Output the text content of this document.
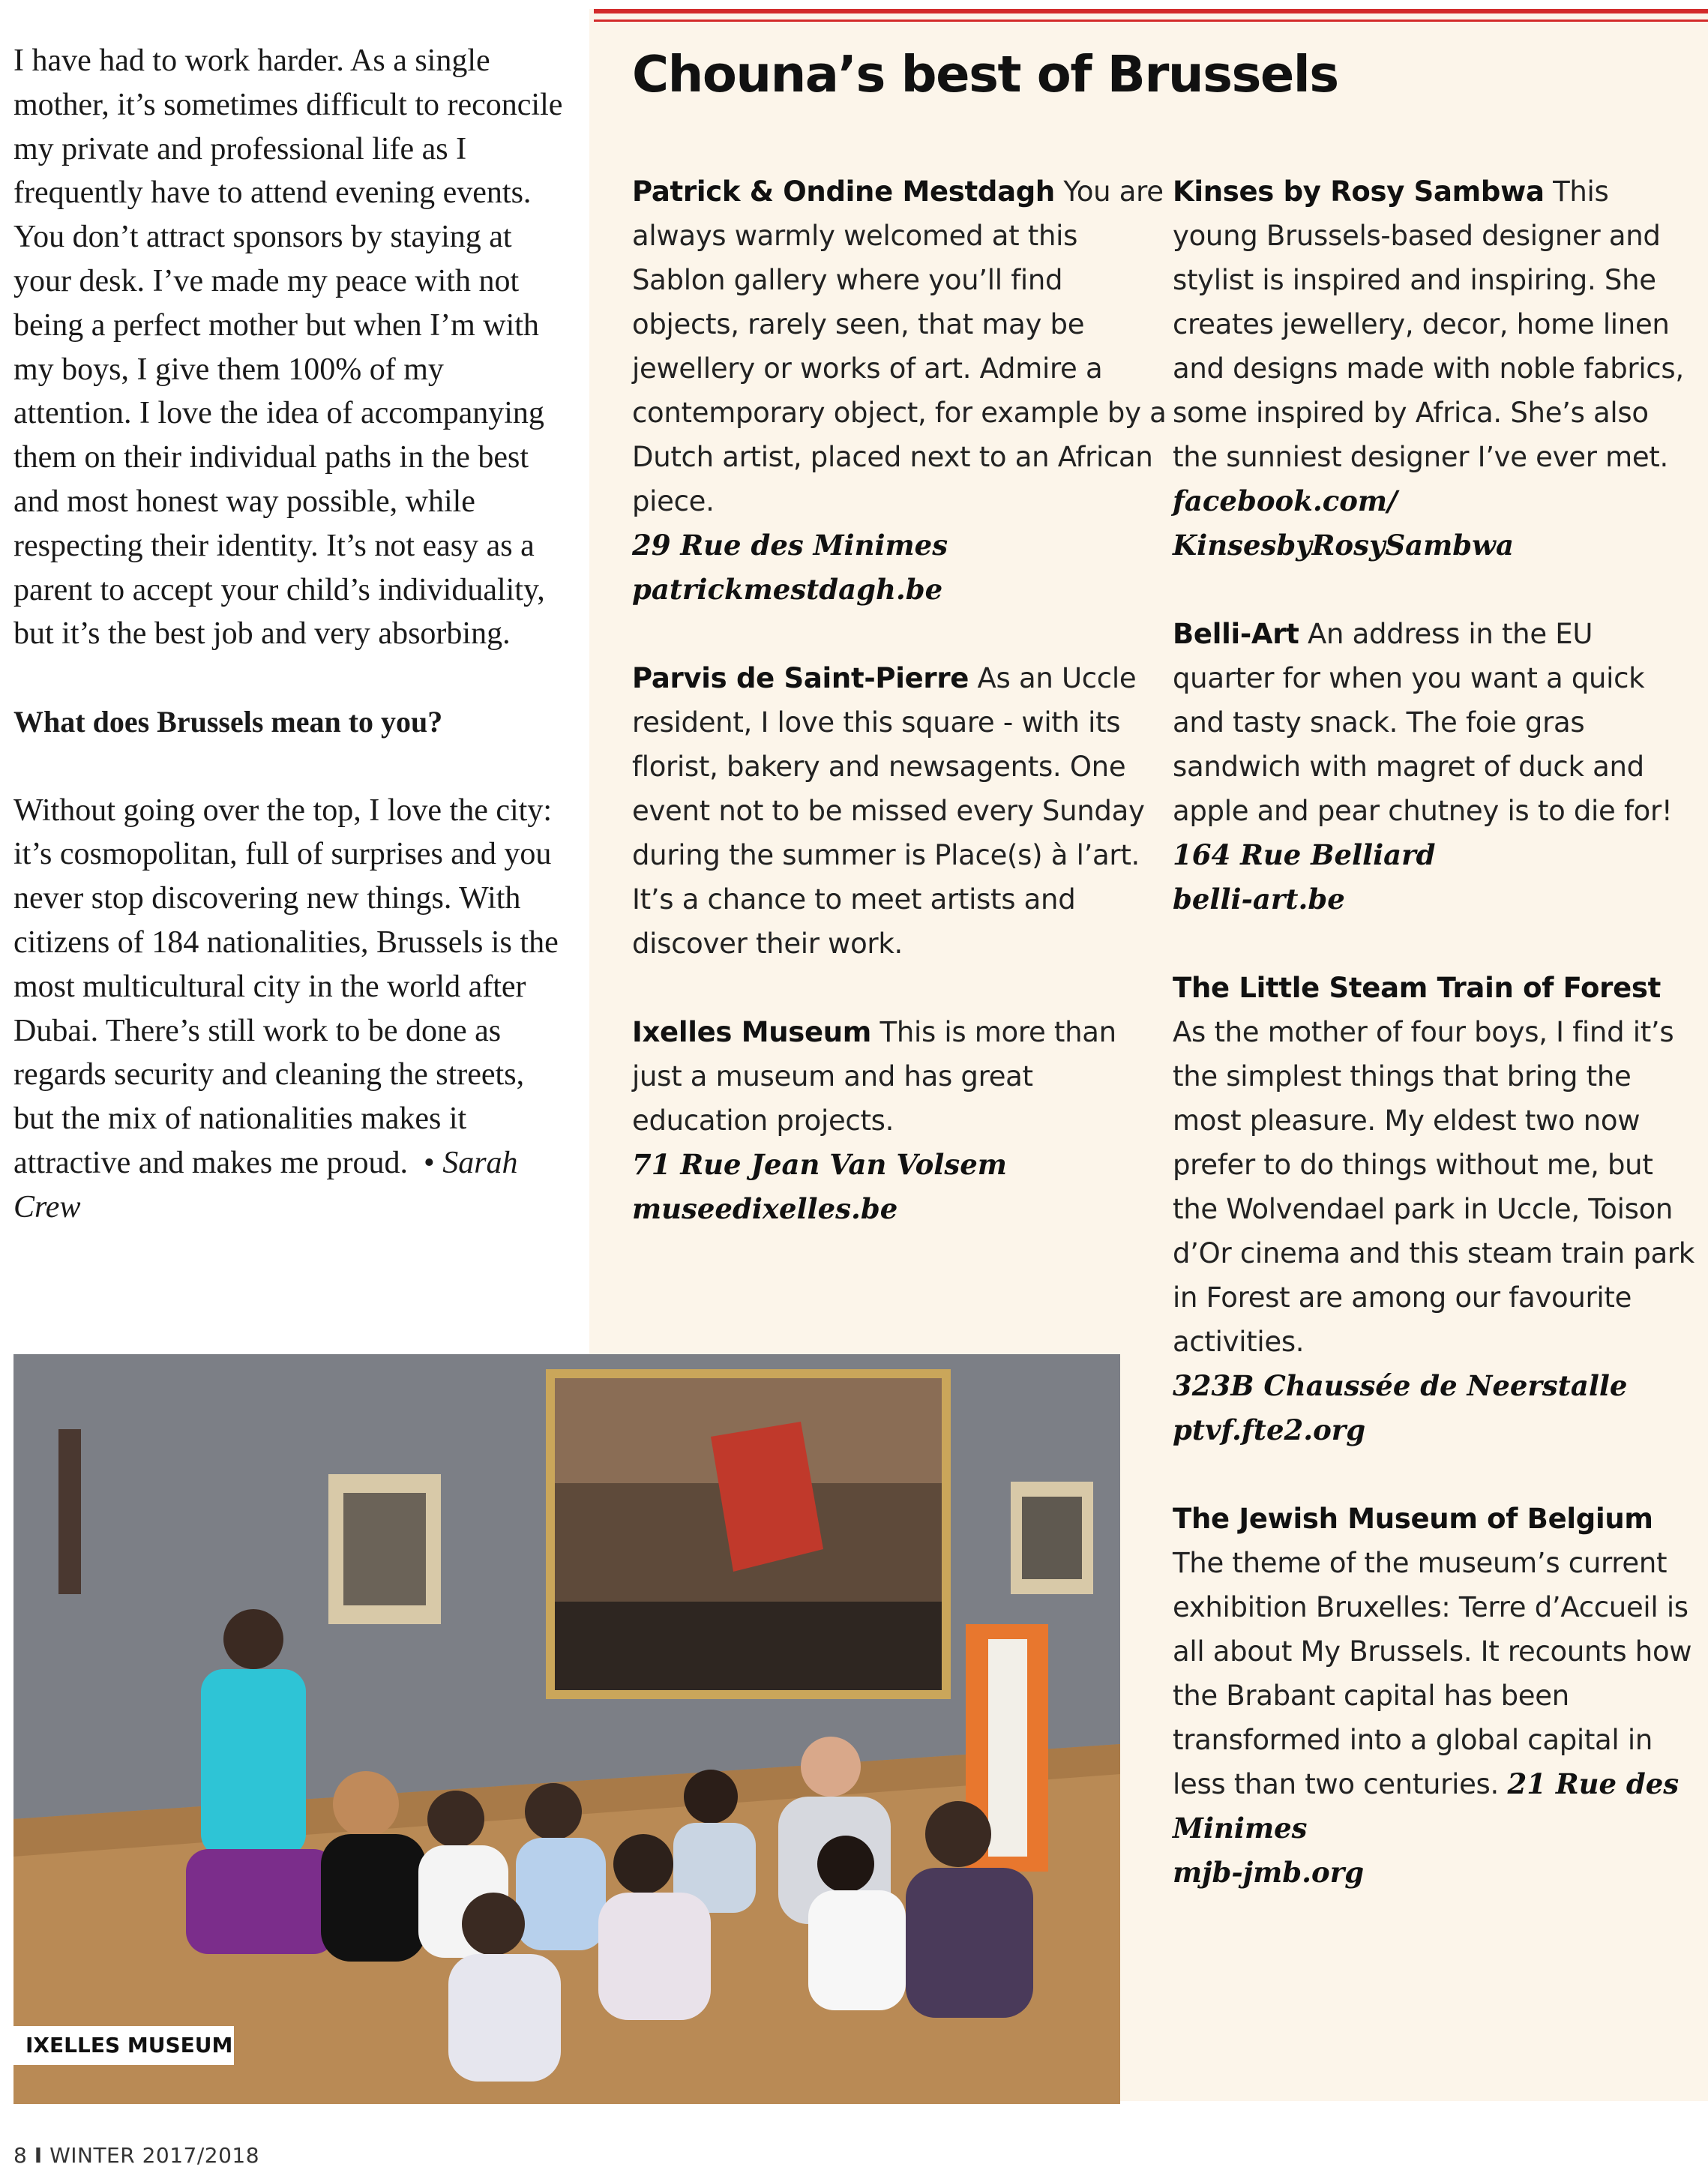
I have had to work harder. As a single mother, it’s sometimes difficult to reconcile my private and professional life as I frequently have to attend evening events. You don’t attract sponsors by staying at your desk. I’ve made my peace with not being a perfect mother but when I’m with my boys, I give them 100% of my attention. I love the idea of accompanying them on their individual paths in the best and most honest way possible, while respecting their identity. It’s not easy as a parent to accept your child’s individuality, but it’s the best job and very absorbing.

What does Brussels mean to you?

Without going over the top, I love the city: it’s cosmopolitan, full of surprises and you never stop discovering new things. With citizens of 184 nationalities, Brussels is the most multicultural city in the world after Dubai. There’s still work to be done as regards security and cleaning the streets, but the mix of nationalities makes it attractive and makes me proud. • Sarah Crew

Chouna’s best of Brussels

Patrick & Ondine Mestdagh You are always warmly welcomed at this Sablon gallery where you’ll find objects, rarely seen, that may be jewellery or works of art. Admire a contemporary object, for example by a Dutch artist, placed next to an African piece.
29 Rue des Minimes
patrickmestdagh.be

Parvis de Saint-Pierre As an Uccle resident, I love this square - with its florist, bakery and newsagents. One event not to be missed every Sunday during the summer is Place(s) à l’art. It’s a chance to meet artists and discover their work.

Ixelles Museum This is more than just a museum and has great education projects.
71 Rue Jean Van Volsem
museedixelles.be

Kinses by Rosy Sambwa This young Brussels-based designer and stylist is inspired and inspiring. She creates jewellery, decor, home linen and designs made with noble fabrics, some inspired by Africa. She’s also the sunniest designer I’ve ever met.
facebook.com/
KinsesbyRosySambwa

Belli-Art An address in the EU quarter for when you want a quick and tasty snack. The foie gras sandwich with magret of duck and apple and pear chutney is to die for!
164 Rue Belliard
belli-art.be

The Little Steam Train of Forest As the mother of four boys, I find it’s the simplest things that bring the most pleasure. My eldest two now prefer to do things without me, but the Wolvendael park in Uccle, Toison d’Or cinema and this steam train park in Forest are among our favourite activities.
323B Chaussée de Neerstalle
ptvf.fte2.org

The Jewish Museum of Belgium
The theme of the museum’s current exhibition Bruxelles: Terre d’Accueil is all about My Brussels. It recounts how the Brabant capital has been transformed into a global capital in less than two centuries. 21 Rue des Minimes
mjb-jmb.org

IXELLES MUSEUM
8 I WINTER 2017/2018
